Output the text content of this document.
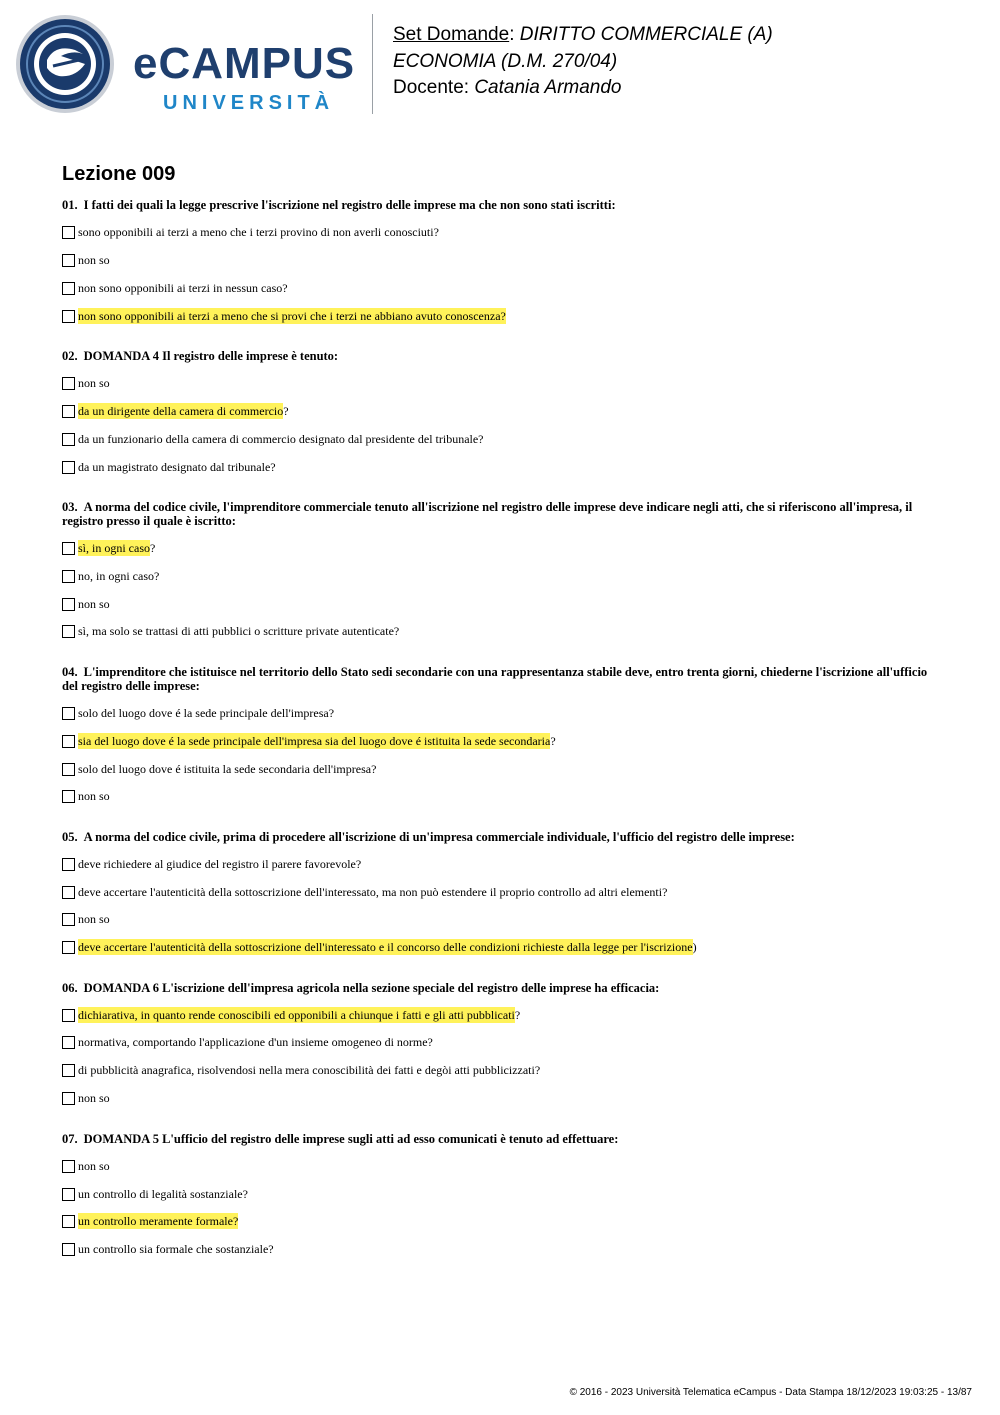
eCAMPUS
UNIVERSITÀ
Set Domande: DIRITTO COMMERCIALE (A)
ECONOMIA (D.M. 270/04)
Docente: Catania Armando
Lezione 009
01. I fatti dei quali la legge prescrive l'iscrizione nel registro delle imprese ma che non sono stati iscritti:
sono opponibili ai terzi a meno che i terzi provino di non averli conosciuti?
non so
non sono opponibili ai terzi in nessun caso?
non sono opponibili ai terzi a meno che si provi che i terzi ne abbiano avuto conoscenza?
02. DOMANDA 4 Il registro delle imprese è tenuto:
non so
da un dirigente della camera di commercio ?
da un funzionario della camera di commercio designato dal presidente del tribunale?
da un magistrato designato dal tribunale?
03. A norma del codice civile, l'imprenditore commerciale tenuto all'iscrizione nel registro delle imprese deve indicare negli atti, che si riferiscono all'impresa, il registro presso il quale è iscritto:
sì, in ogni caso ?
no, in ogni caso?
non so
sì, ma solo se trattasi di atti pubblici o scritture private autenticate?
04. L'imprenditore che istituisce nel territorio dello Stato sedi secondarie con una rappresentanza stabile deve, entro trenta giorni, chiederne l'iscrizione all'ufficio del registro delle imprese:
solo del luogo dove é la sede principale dell'impresa?
sia del luogo dove é la sede principale dell'impresa sia del luogo dove é istituita la sede secondaria ?
solo del luogo dove é istituita la sede secondaria dell'impresa?
non so
05. A norma del codice civile, prima di procedere all'iscrizione di un'impresa commerciale individuale, l'ufficio del registro delle imprese:
deve richiedere al giudice del registro il parere favorevole?
deve accertare l'autenticità della sottoscrizione dell'interessato, ma non può estendere il proprio controllo ad altri elementi?
non so
deve accertare l'autenticità della sottoscrizione dell'interessato e il concorso delle condizioni richieste dalla legge per l'iscrizione )
06. DOMANDA 6 L'iscrizione dell'impresa agricola nella sezione speciale del registro delle imprese ha efficacia:
dichiarativa, in quanto rende conoscibili ed opponibili a chiunque i fatti e gli atti pubblicati ?
normativa, comportando l'applicazione d'un insieme omogeneo di norme?
di pubblicità anagrafica, risolvendosi nella mera conoscibilità dei fatti e degòi atti pubblicizzati?
non so
07. DOMANDA 5 L'ufficio del registro delle imprese sugli atti ad esso comunicati è tenuto ad effettuare:
non so
un controllo di legalità sostanziale?
un controllo meramente formale?
un controllo sia formale che sostanziale?
© 2016 - 2023 Università Telematica eCampus - Data Stampa 18/12/2023 19:03:25 - 13/87
